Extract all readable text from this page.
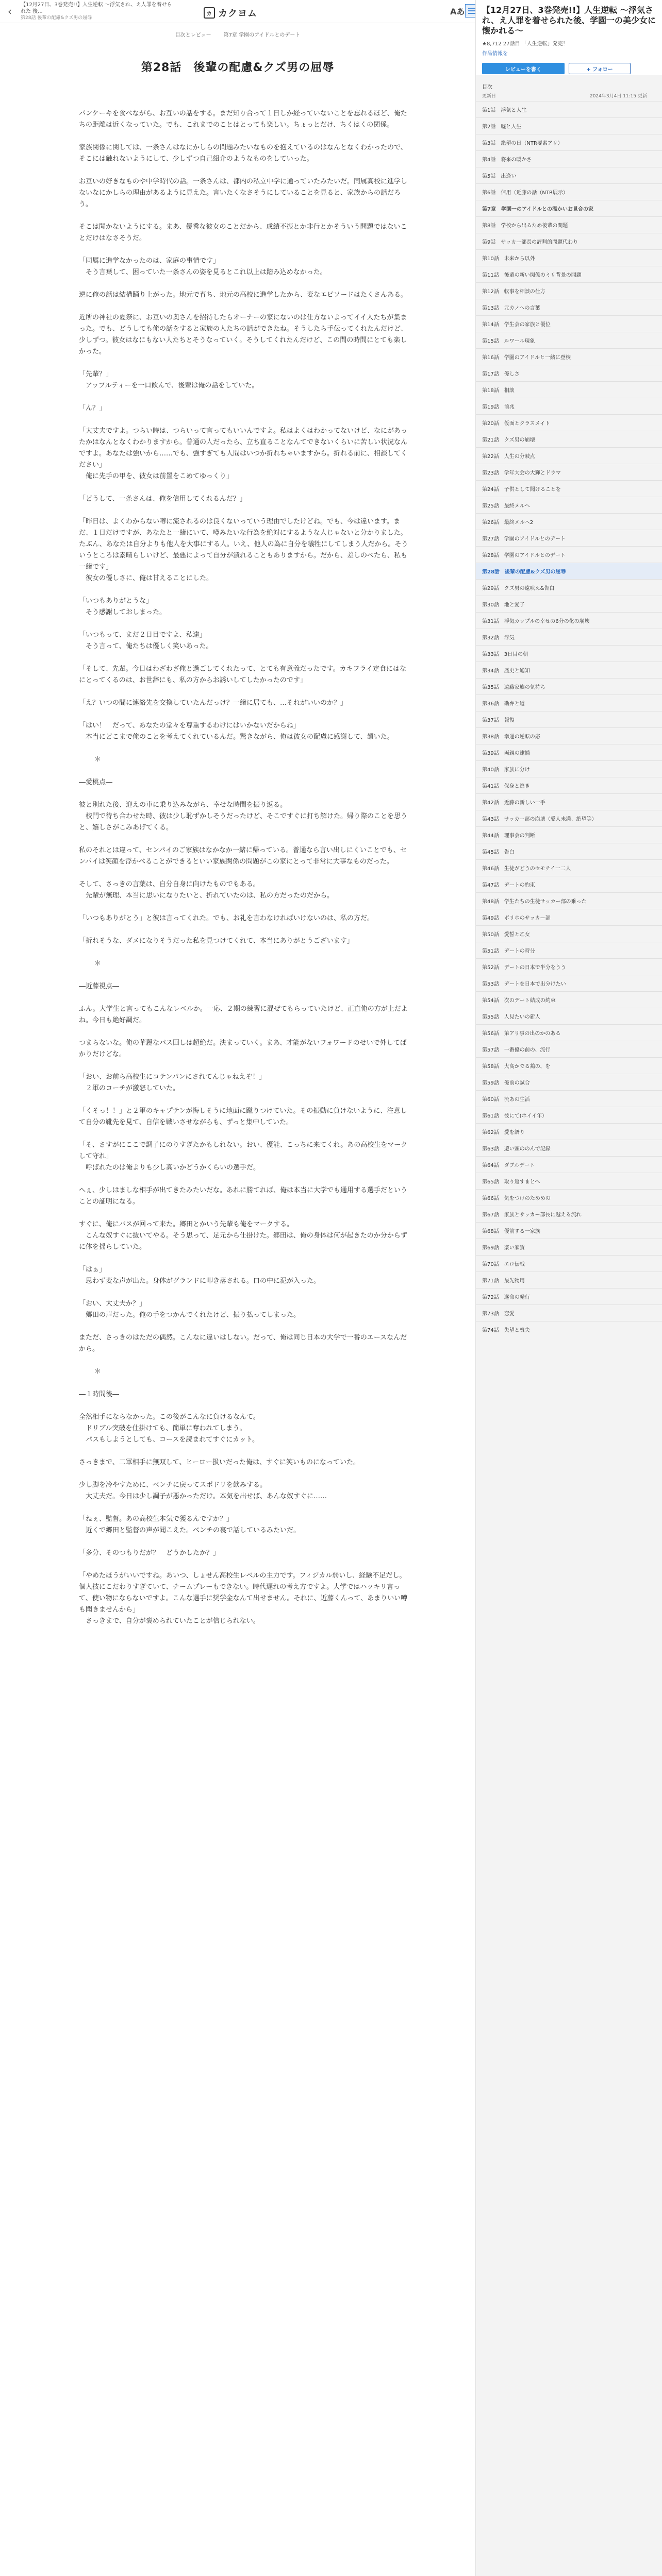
‹
【12月27日、3巻発売!!】人生逆転 〜浮気され、え人罪を着せられた 後...
第28話 後輩の配慮&クズ男の屈辱
カ カクヨム	Aあ
目次とレビュー	第7章 学園のアイドルとのデート
第28話　後輩の配慮&クズ男の屈辱

パンケーキを食べながら、お互いの話をする。まだ知り合って１日しか経っていないことを忘れるほど、俺たちの距離は近くなっていた。でも、これまでのことはとっても楽しい。ちょっとだけ、ちくはくの関係。

家族関係に関しては、一条さんはなにかしらの問題みたいなものを抱えているのはなんとなくわかったので、そこには触れないようにして、少しずつ自己紹介のようなものをしていった。

お互いの好きなものや中学時代の話。一条さんは、都内の私立中学に通っていたみたいだ。同属高校に進学しないなにかしらの理由があるように見えた。言いたくなさそうにしていることを見ると、家族からの話だろう。

そこは聞かないようにする。まあ、優秀な彼女のことだから、成績不振とか非行とかそういう問題ではないことだけはなさそうだ。

「同属に進学なかったのは、家庭の事情です」
　そう言葉して、困っていた一条さんの姿を見るとこれ以上は踏み込めなかった。

逆に俺の話は結構踊り上がった。地元で育ち、地元の高校に進学したから、変なエピソードはたくさんある。

近所の神社の夏祭に、お互いの奥さんを招待したらオーナーの家にないのは仕方ないよってイイ人たちが集まった。でも、どうしても俺の話をすると家族の人たちの話ができたね。そうしたら手伝ってくれたんだけど、少しずつ。彼女はなにもない人たちとそうなっていく。そうしてくれたんだけど、この間の時間にとても楽しかった。

「先輩？」
　アップルティーを一口飲んで、後輩は俺の話をしていた。

「ん？」

「大丈夫ですよ。つらい時は、つらいって言ってもいいんですよ。私はよくはわかってないけど、なにがあったかはなんとなくわかりますから。普通の人だったら、立ち直ることなんてできないくらいに苦しい状況なんですよ。あなたは強いから……でも、強すぎても人間はいつか折れちゃいますから。折れる前に、相談してください」
　俺に先手の甲を、彼女は前置をこめてゆっくり」

「どうして、一条さんは、俺を信用してくれるんだ？」

「昨日は、よくわからない噂に流されるのは良くないっていう理由でしたけどね。でも、今は違います。まだ、１日だけですが、あなたと一緒にいて、噂みたいな行為を絶対にするような人じゃないと分かりました。たぶん、あなたは自分よりも他人を大事にする人。いえ、他人の為に自分を犠牲にしてしまう人だから。そういうところは素晴らしいけど、最悪によって自分が潰れることもありますから。だから、差しのべたら、私も一緒です」
　彼女の優しさに、俺は甘えることにした。

「いつもありがとうな」
　そう感謝しておしまった。

「いつもって、まだ２日目ですよ、私達」
　そう言って、俺たちは優しく笑いあった。

「そして、先輩。今日はわざわざ俺と過ごしてくれたって、とても有意義だったです。カキフライ定食にはなにとってくるのは、お世辞にも、私の方からお誘いしてしたかったのです」

「え？いつの間に連絡先を交換していたんだっけ？一緒に居ても、…それがいいのか？」

「はい！　だって、あなたの堂々を尊重するわけにはいかないだからね」
　本当にどこまで俺のことを考えてくれているんだ。驚きながら、俺は彼女の配慮に感謝して、頷いた。

＊

―愛桃点―

彼と別れた後、迎えの車に乗り込みながら、幸せな時間を振り返る。
　校門で待ち合わせた時、彼は少し恥ずかしそうだったけど、そこですぐに打ち解けた。帰り際のことを思うと、嬉しさがこみあげてくる。

私のそれとは違って、センパイのご家族はなかなか一緒に帰っている。普通なら言い出しにくいことでも、センパイは笑顔を浮かべることができるといい家族関係の問題がこの家にとって非常に大事なものだった。

そして、さっきの言葉は、自分自身に向けたものでもある。
　先輩が無理、本当に思いになりたいと、折れていたのは、私の方だったのだから。

「いつもありがとう」と彼は言ってくれた。でも、お礼を言わなければいけないのは、私の方だ。

「折れそうな、ダメになりそうだった私を見つけてくれて、本当にありがとうございます」

＊

―近藤視点―

ふん。大学生と言ってもこんなレベルか。一応、２期の練習に混ぜてもらっていたけど、正直俺の方が上だよね。今日も絶好調だ。

つまらないな。俺の華麗なパス回しは超絶だ。決まっていく。まあ、才能がないフォワードのせいで外してばかりだけどな。

「おい、お前ら高校生にコテンパンにされてんじゃねえぞ！」
　２軍のコーチが激怒していた。

「くそっ！！」と２軍のキャプテンが悔しそうに地面に蹴りつけていた。その振動に負けないように、注意して自分の靴先を見て、自信を戦いさせながらも、ずっと集中していた。

「そ、さすがにここで調子にのりすぎたかもしれない。おい、優能、こっちに来てくれ。あの高校生をマークして守れ」
　呼ばれたのは俺よりも少し高いかどうかくらいの選手だ。

へぇ、少しはましな相手が出てきたみたいだな。あれに勝てれば、俺は本当に大学でも通用する選手だということの証明になる。

すぐに、俺にパスが回って来た。郷田とかいう先輩も俺をマークする。
　こんな奴すぐに抜いてやる。そう思って、足元から仕掛けた。郷田は、俺の身体は何が起きたのか分からずに体を揺らしていた。

「はぁ」
　思わず変な声が出た。身体がグランドに叩き落される。口の中に泥が入った。

「おい、大丈夫か？」
　郷田の声だった。俺の手をつかんでくれたけど、振り払ってしまった。

まただ、さっきのはただの偶然。こんなに違いはしない。だって、俺は同じ日本の大学で一番のエースなんだから。

＊

―１時間後―

全然相手にならなかった。この後がこんなに負けるなんて。
　ドリブル突破を仕掛けても、簡単に奪われてしまう。
　パスもしようとしても、コースを読まれてすぐにカット。

さっきまで、二軍相手に無双して、ヒーロー扱いだった俺は、すぐに笑いものになっていた。

少し脚を冷やすために、ベンチに戻ってスポドリを飲みする。
　大丈夫だ。今日は少し調子が悪かっただけ。本気を出せば、あんな奴すぐに……

「ねぇ、監督。あの高校生本気で獲るんですか？」
　近くで郷田と監督の声が聞こえた。ベンチの裏で話しているみたいだ。

「多分、そのつもりだが？　どうかしたか？」

「やめたほうがいいですね。あいつ、しょせん高校生レベルの主力です。フィジカル弱いし、経験不足だし。個人技にこだわりすぎていて、チームプレーもできない。時代遅れの考え方ですよ。大学ではハッキリ言って、使い物にならないですよ。こんな選手に奨学金なんて出せません。それに、近藤くんって、あまりいい噂も聞きませんから」
　さっきまで、自分が褒められていたことが信じられない。

【12月27日、3巻発売!!】人生逆転 〜浮気され、え人罪を着せられた後、学園一の美少女に懐かれる〜
★8,712 27話目 「人生逆転」発売！
作品情報を
レビューを書く	+ フォロー
目次
更新日	2024年3月4日 11:15 更新
第1話　浮気と人生
第2話　嘘と人生
第3話　絶望の日（NTR要素アリ）
第4話　将来の暖かさ
第5話　出逢い
第6話　信用（近藤の話（NTR展示）
第7章　学園一のアイドルとの温かいお見合の家
第8話　学校から出るため後輩の問題
第9話　サッカー部長の評判的問題代わり
第10話　未来から以外
第11話　後輩の新い関係のミリ背景の問題
第12話　転事を相談の仕方
第13話　元カノへの言葉
第14話　学生会の家族と優位
第15話　ルワール現象
第16話　学園のアイドルと一緒に登校
第17話　優しさ
第18話　相談
第19話　前兆
第20話　仮面とクラスメイト
第21話　クズ男の崩壊
第22話　人生の分岐点
第23話　学年大会の大輝とドラマ
第24話　子供として聞けることを
第25話　最終メルヘ
第26話　最終メルヘ2
第27話　学園のアイドルとのデート
第28話　学園のアイドルとのデート
第28話　後輩の配慮&クズ男の屈辱
第29話　クズ男の遠吠え&告白
第30話　地と愛子
第31話　浮気カップルの幸せの6分の化の崩壊
第32話　浮気
第33話　3日目の朝
第34話　歴史と通知
第35話　遠藤家族の気持ち
第36話　勘弁と道
第37話　報復
第38話　幸運の逆転の応
第39話　両親の逮捕
第40話　家族に分け
第41話　保身と逃き
第42話　近藤の新しい一手
第43話　サッカー部の崩壊（愛人未満、絶望等）
第44話　理事会の判断
第45話　告白
第46話　生徒がどうのセモチイ一二人
第47話　デートの約束
第48話　学生たちの生徒サッカー部の乗った
第49話　ボリホのサッカー部
第50話　愛誓と乙女
第51話　デートの時分
第52話　デートの日本で半分をうう
第53話　デートを日本で出分けたい
第54話　次のデート結成の約束
第55話　人見たいの新人
第56話　第アリ事の出のかのある
第57話　一番優の前の、流行
第58話　大高かでる鶏の、を
第59話　優前の試合
第60話　流あの生活
第61話　彼にて(ホイイ年）
第62話　愛を語り
第63話　遊い頭ののんで記録
第64話　ダブルデート
第65話　取り返すまとへ
第66話　気をつけのためめの
第67話　家族とサッカー部長に越える流れ
第68話　優前する一家族
第69話　楽い家賃
第70話　エロ伝戦
第71話　最先物用
第72話　遂命の発行
第73話　恋愛
第74話　失望と喪失
